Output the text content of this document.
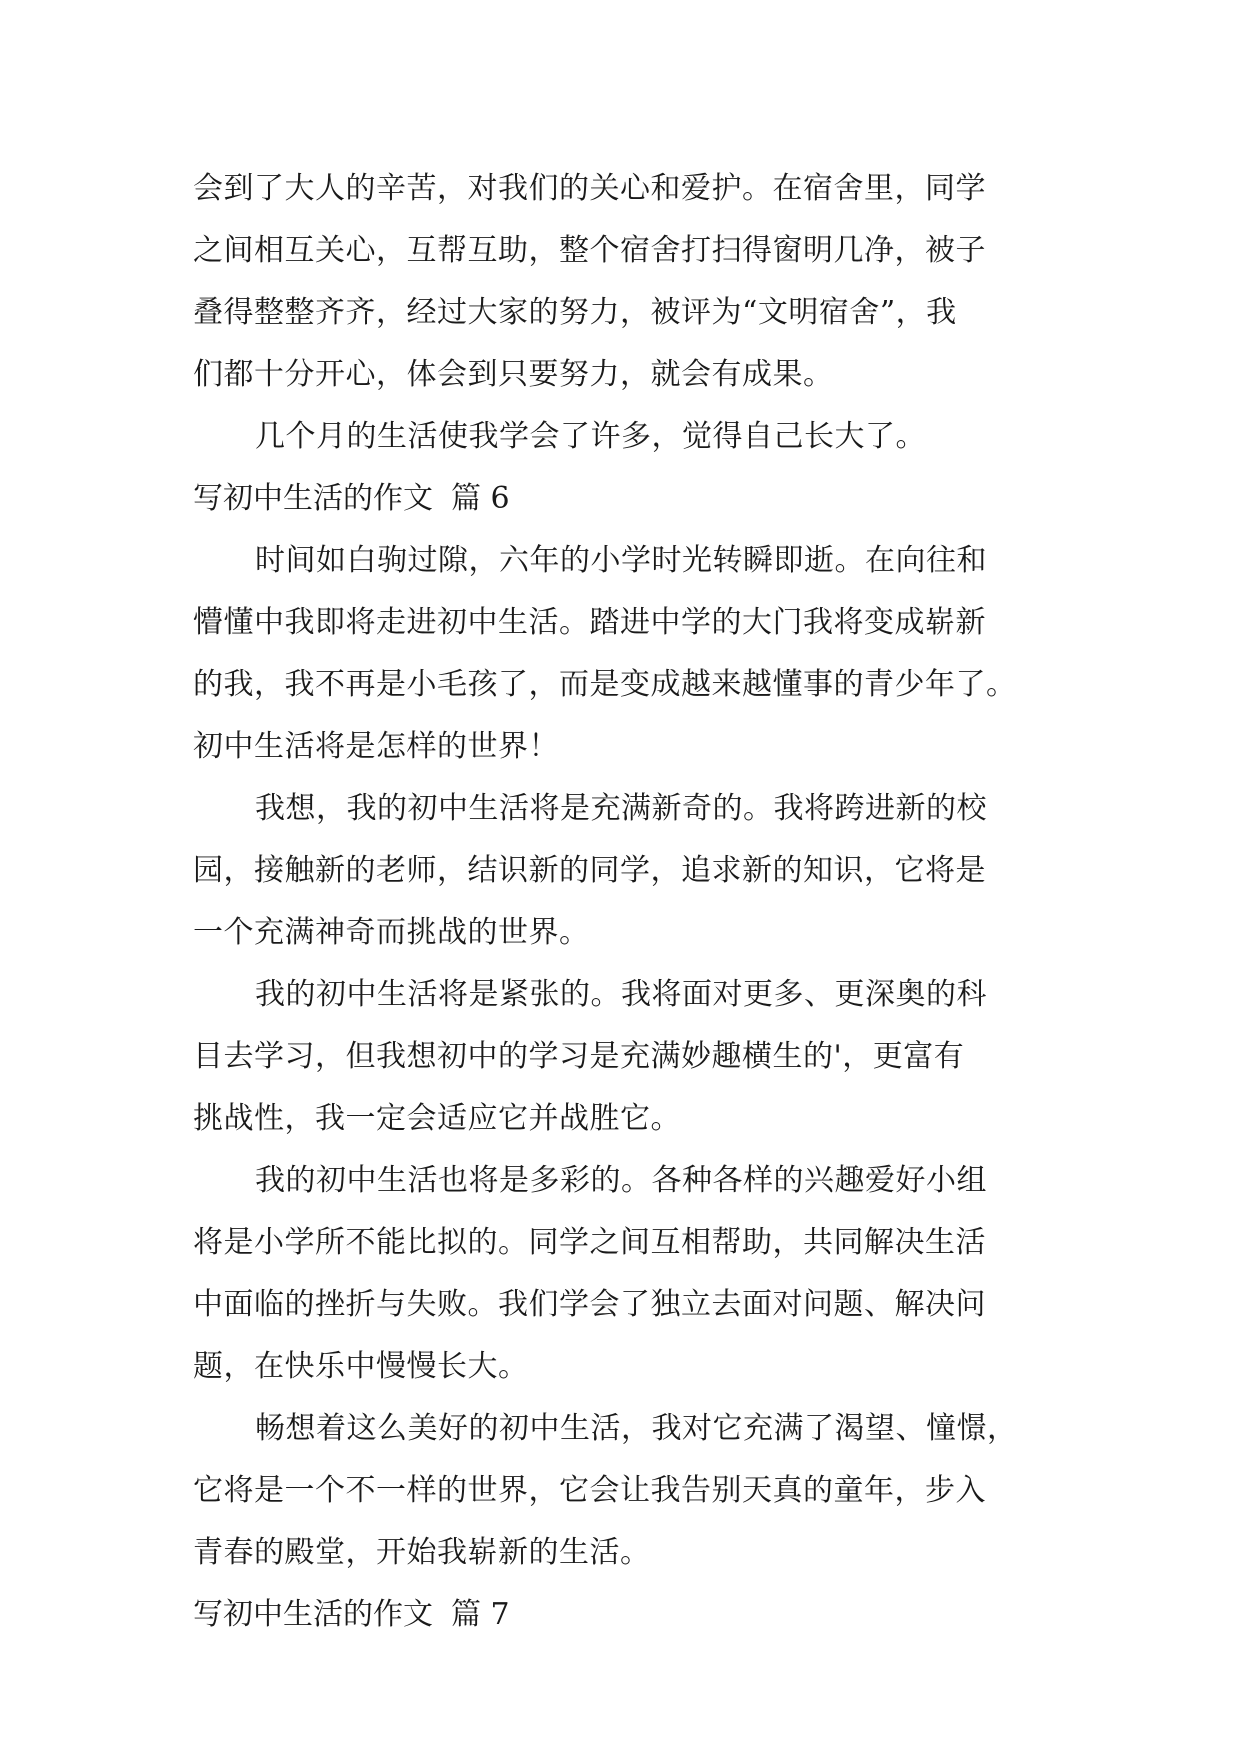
会到了大人的辛苦，对我们的关心和爱护。在宿舍里，同学
之间相互关心，互帮互助，整个宿舍打扫得窗明几净，被子
叠得整整齐齐，经过大家的努力，被评为“文明宿舍”，我
们都十分开心，体会到只要努力，就会有成果。
几个月的生活使我学会了许多，觉得自己长大了。
写初中生活的作文 篇 6
时间如白驹过隙，六年的小学时光转瞬即逝。在向往和
懵懂中我即将走进初中生活。踏进中学的大门我将变成崭新
的我，我不再是小毛孩了，而是变成越来越懂事的青少年了。
初中生活将是怎样的世界！
我想，我的初中生活将是充满新奇的。我将跨进新的校
园，接触新的老师，结识新的同学，追求新的知识，它将是
一个充满神奇而挑战的世界。
我的初中生活将是紧张的。我将面对更多、更深奥的科
目去学习，但我想初中的学习是充满妙趣横生的'，更富有
挑战性，我一定会适应它并战胜它。
我的初中生活也将是多彩的。各种各样的兴趣爱好小组
将是小学所不能比拟的。同学之间互相帮助，共同解决生活
中面临的挫折与失败。我们学会了独立去面对问题、解决问
题，在快乐中慢慢长大。
畅想着这么美好的初中生活，我对它充满了渴望、憧憬，
它将是一个不一样的世界，它会让我告别天真的童年，步入
青春的殿堂，开始我崭新的生活。
写初中生活的作文 篇 7
